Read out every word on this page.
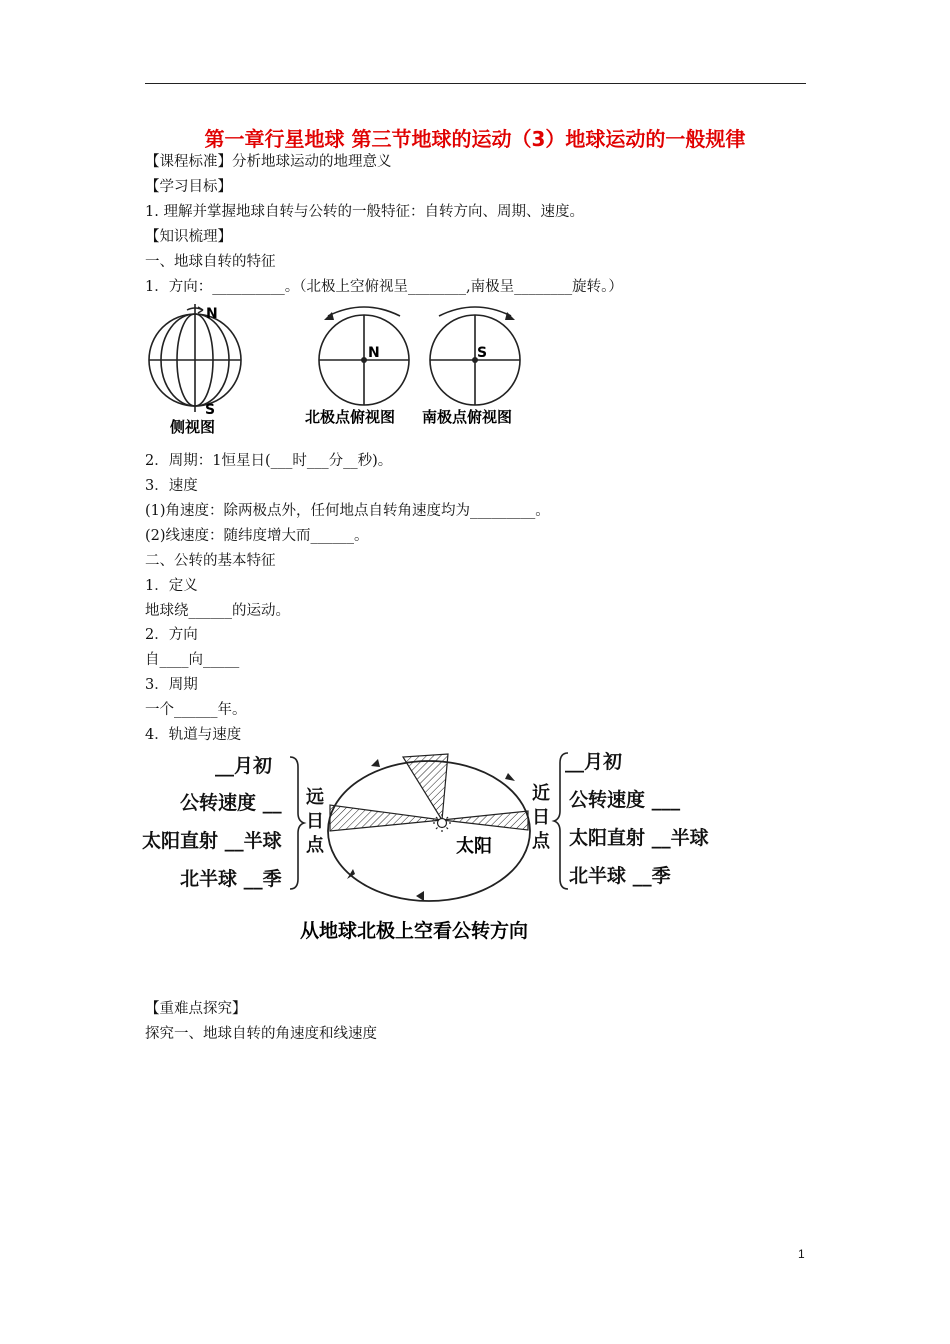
第一章行星地球 第三节地球的运动（3）地球运动的一般规律
【课程标准】分析地球运动的地理意义
【学习目标】
1. 理解并掌握地球自转与公转的一般特征：自转方向、周期、速度。
【知识梳理】
一、地球自转的特征
1．方向：__________。（北极上空俯视呈________,南极呈________旋转。）
N
S
侧视图
N
北极点俯视图
S
南极点俯视图
2．周期：1恒星日(___时___分__秒)。
3．速度
(1)角速度：除两极点外，任何地点自转角速度均为_________。
(2)线速度：随纬度增大而______。
二、公转的基本特征
1．定义
地球绕______的运动。
2．方向
自____向_____
3．周期
一个______年。
4．轨道与速度
__月初
公转速度 __
太阳直射 __半球
北半球 __季
远
日
点	太阳
近
日
点
__月初
公转速度 ___
太阳直射 __半球
北半球 __季
从地球北极上空看公转方向
【重难点探究】
探究一、地球自转的角速度和线速度
1
